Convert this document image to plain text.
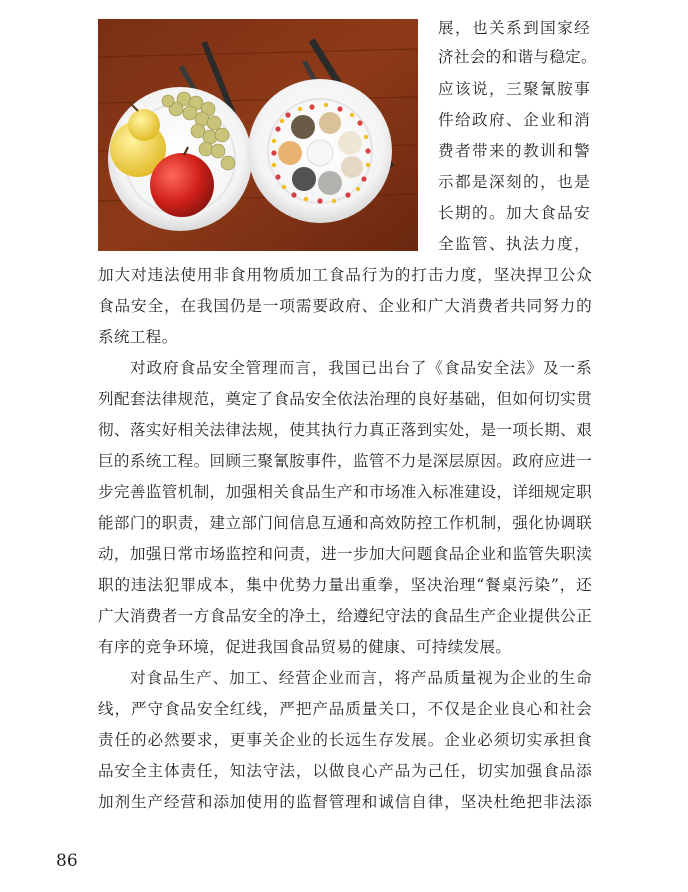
展，也关系到国家经
济社会的和谐与稳定。
应该说，三聚氰胺事
件给政府、企业和消
费者带来的教训和警
示都是深刻的，也是
长期的。加大食品安
全监管、执法力度，
加大对违法使用非食用物质加工食品行为的打击力度，坚决捍卫公众
食品安全，在我国仍是一项需要政府、企业和广大消费者共同努力的
系统工程。
对政府食品安全管理而言，我国已出台了《食品安全法》及一系
列配套法律规范，奠定了食品安全依法治理的良好基础，但如何切实贯
彻、落实好相关法律法规，使其执行力真正落到实处，是一项长期、艰
巨的系统工程。回顾三聚氰胺事件，监管不力是深层原因。政府应进一
步完善监管机制，加强相关食品生产和市场准入标准建设，详细规定职
能部门的职责，建立部门间信息互通和高效防控工作机制，强化协调联
动，加强日常市场监控和问责，进一步加大问题食品企业和监管失职渎
职的违法犯罪成本，集中优势力量出重拳，坚决治理“餐桌污染”，还
广大消费者一方食品安全的净土，给遵纪守法的食品生产企业提供公正
有序的竞争环境，促进我国食品贸易的健康、可持续发展。
对食品生产、加工、经营企业而言，将产品质量视为企业的生命
线，严守食品安全红线，严把产品质量关口，不仅是企业良心和社会
责任的必然要求，更事关企业的长远生存发展。企业必须切实承担食
品安全主体责任，知法守法，以做良心产品为己任，切实加强食品添
加剂生产经营和添加使用的监督管理和诚信自律，坚决杜绝把非法添
86
